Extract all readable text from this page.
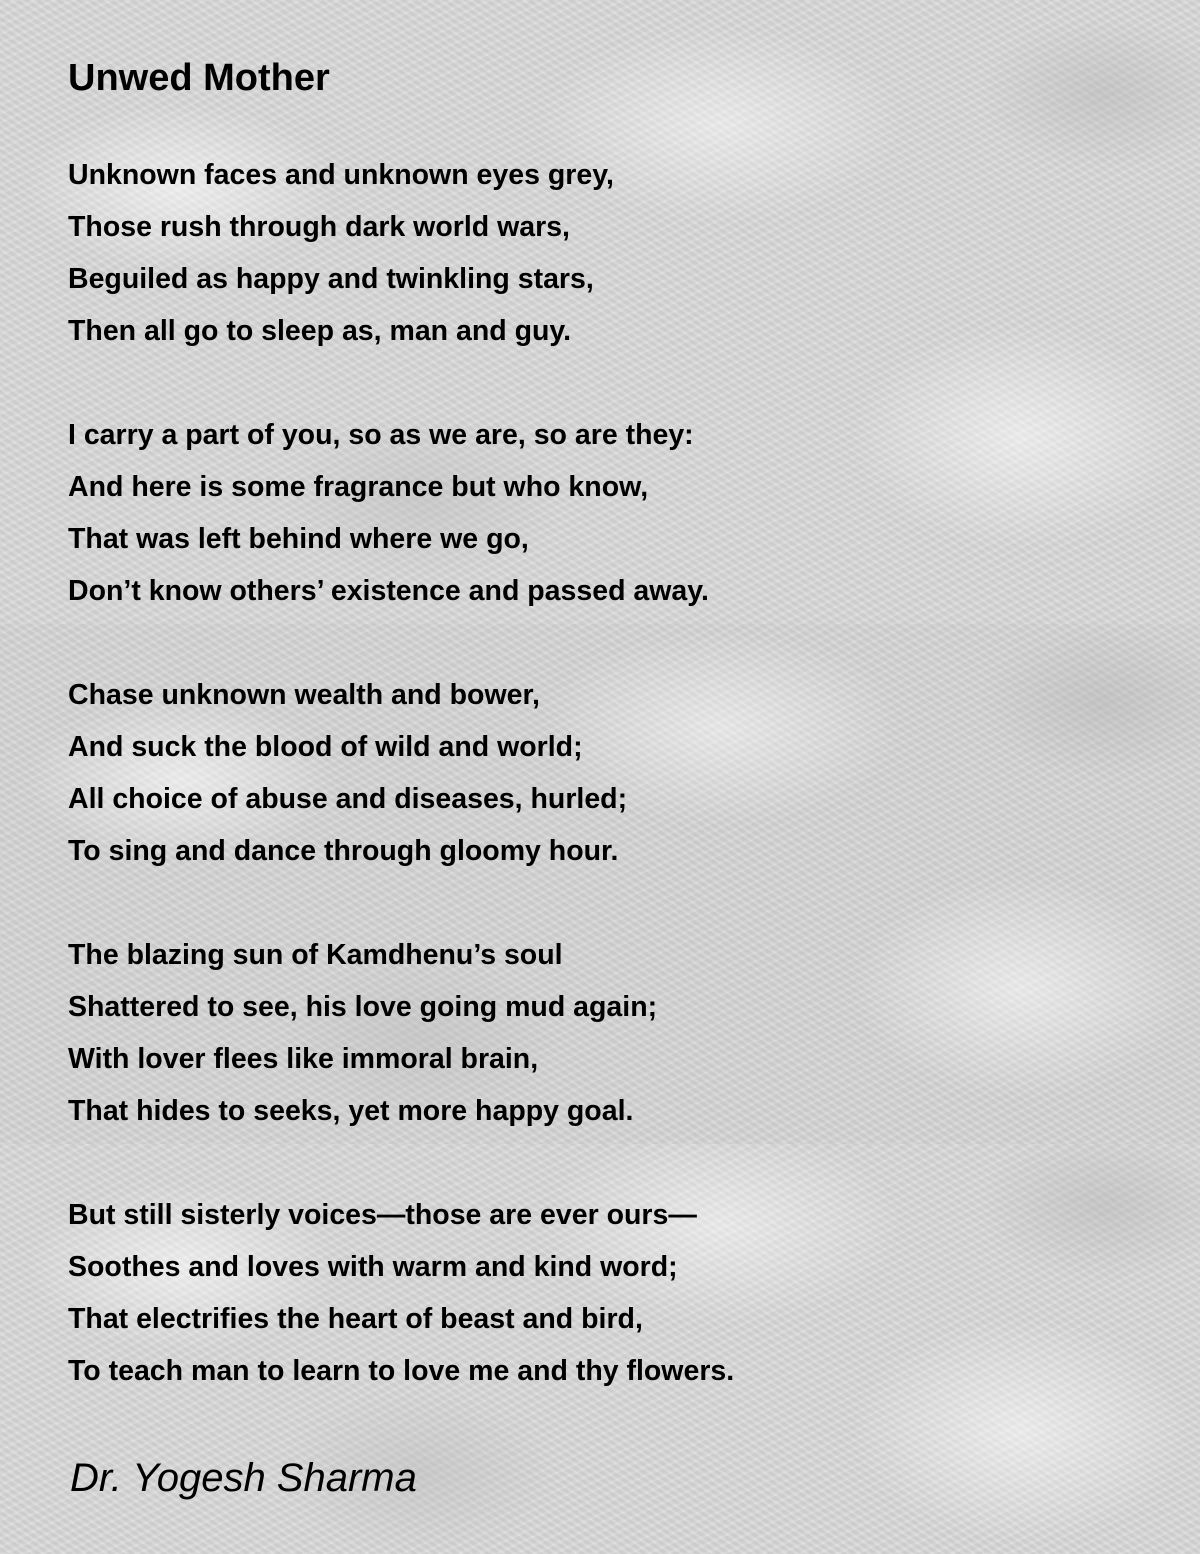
Unwed Mother
Unknown faces and unknown eyes grey,
Those rush through dark world wars,
Beguiled as happy and twinkling stars,
Then all go to sleep as, man and guy.
I carry a part of you, so as we are, so are they:
And here is some fragrance but who know,
That was left behind where we go,
Don’t know others’ existence and passed away.
Chase unknown wealth and bower,
And suck the blood of wild and world;
All choice of abuse and diseases, hurled;
To sing and dance through gloomy hour.
The blazing sun of Kamdhenu’s soul
Shattered to see, his love going mud again;
With lover flees like immoral brain,
That hides to seeks, yet more happy goal.
But still sisterly voices—those are ever ours—
Soothes and loves with warm and kind word;
That electrifies the heart of beast and bird,
To teach man to learn to love me and thy flowers.

Dr. Yogesh Sharma
